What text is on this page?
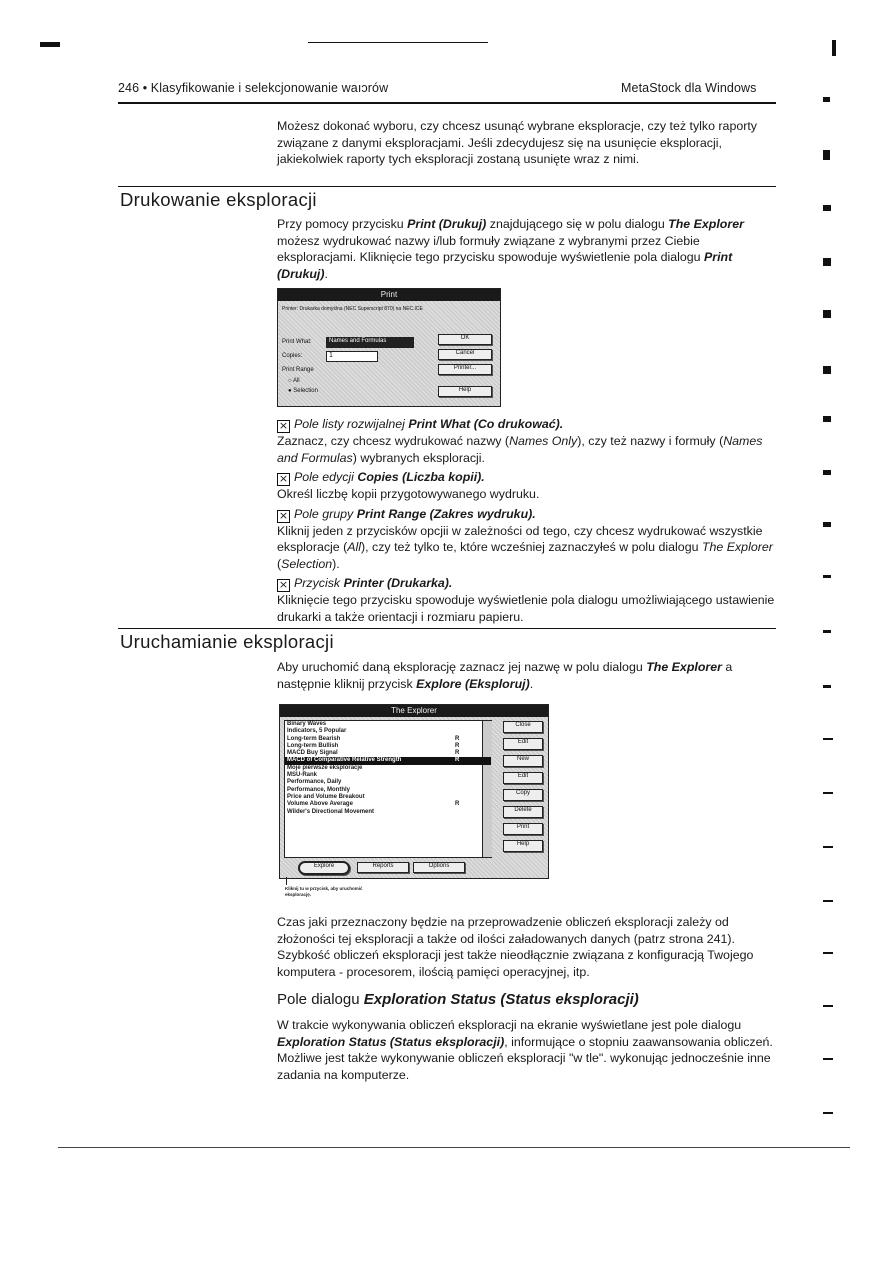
246 • Klasyfikowanie i selekcjonowanie waıɔrów	MetaStock dla Windows
Możesz dokonać wyboru, czy chcesz usunąć wybrane eksploracje, czy też tylko raporty związane z danymi eksploracjami. Jeśli zdecydujesz się na usunięcie eksploracji, jakiekolwiek raporty tych eksploracji zostaną usunięte wraz z nimi.
Drukowanie eksploracji
Przy pomocy przycisku Print (Drukuj) znajdującego się w polu dialogu The Explorer możesz wydrukować nazwy i/lub formuły związane z wybranymi przez Ciebie eksploracjami. Kliknięcie tego przycisku spowoduje wyświetlenie pola dialogu Print (Drukuj).
Print
Printer: Drukarka domyślna (NEC Superscript 870) na NEC.ICE
Print What:	Names and Formulas
Copies:	1
Print Range
○ All
● Selection
OK
Cancel
Printer...
Help
× Pole listy rozwijalnej Print What (Co drukować).
Zaznacz, czy chcesz wydrukować nazwy (Names Only), czy też nazwy i formuły (Names and Formulas) wybranych eksploracji.
× Pole edycji Copies (Liczba kopii).
Określ liczbę kopii przygotowywanego wydruku.
× Pole grupy Print Range (Zakres wydruku).
Kliknij jeden z przycisków opcjii w zależności od tego, czy chcesz wydrukować wszystkie eksploracje (All), czy też tylko te, które wcześniej zaznaczyłeś w polu dialogu The Explorer (Selection).
× Przycisk Printer (Drukarka).
Kliknięcie tego przycisku spowoduje wyświetlenie pola dialogu umożliwiającego ustawienie drukarki a także orientacji i rozmiaru papieru.
Uruchamianie eksploracji
Aby uruchomić daną eksplorację zaznacz jej nazwę w polu dialogu The Explorer a następnie kliknij przycisk Explore (Eksploruj).
The Explorer
Binary Waves
Indicators, 5 Popular
Long-term Bearish	R
Long-term Bullish	R
MACD Buy Signal	R
MACD of Comparative Relative Strength	R
Moje pierwsze eksploracje
MSU-Rank
Performance, Daily
Performance, Monthly
Price and Volume Breakout
Volume Above Average	R
Wilder's Directional Movement
Close
Edit
New
Edit
Copy
Delete
Print
Help
Explore	Reports	Options
Kliknij tu w przycisk, aby uruchomić eksplorację.
Czas jaki przeznaczony będzie na przeprowadzenie obliczeń eksploracji zależy od złożoności tej eksploracji a także od ilości załadowanych danych (patrz strona 241). Szybkość obliczeń eksploracji jest także nieodłącznie związana z konfiguracją Twojego komputera - procesorem, ilością pamięci operacyjnej, itp.
Pole dialogu Exploration Status (Status eksploracji)
W trakcie wykonywania obliczeń eksploracji na ekranie wyświetlane jest pole dialogu Exploration Status (Status eksploracji), informujące o stopniu zaawansowania obliczeń. Możliwe jest także wykonywanie obliczeń eksploracji "w tle". wykonując jednocześnie inne zadania na komputerze.
